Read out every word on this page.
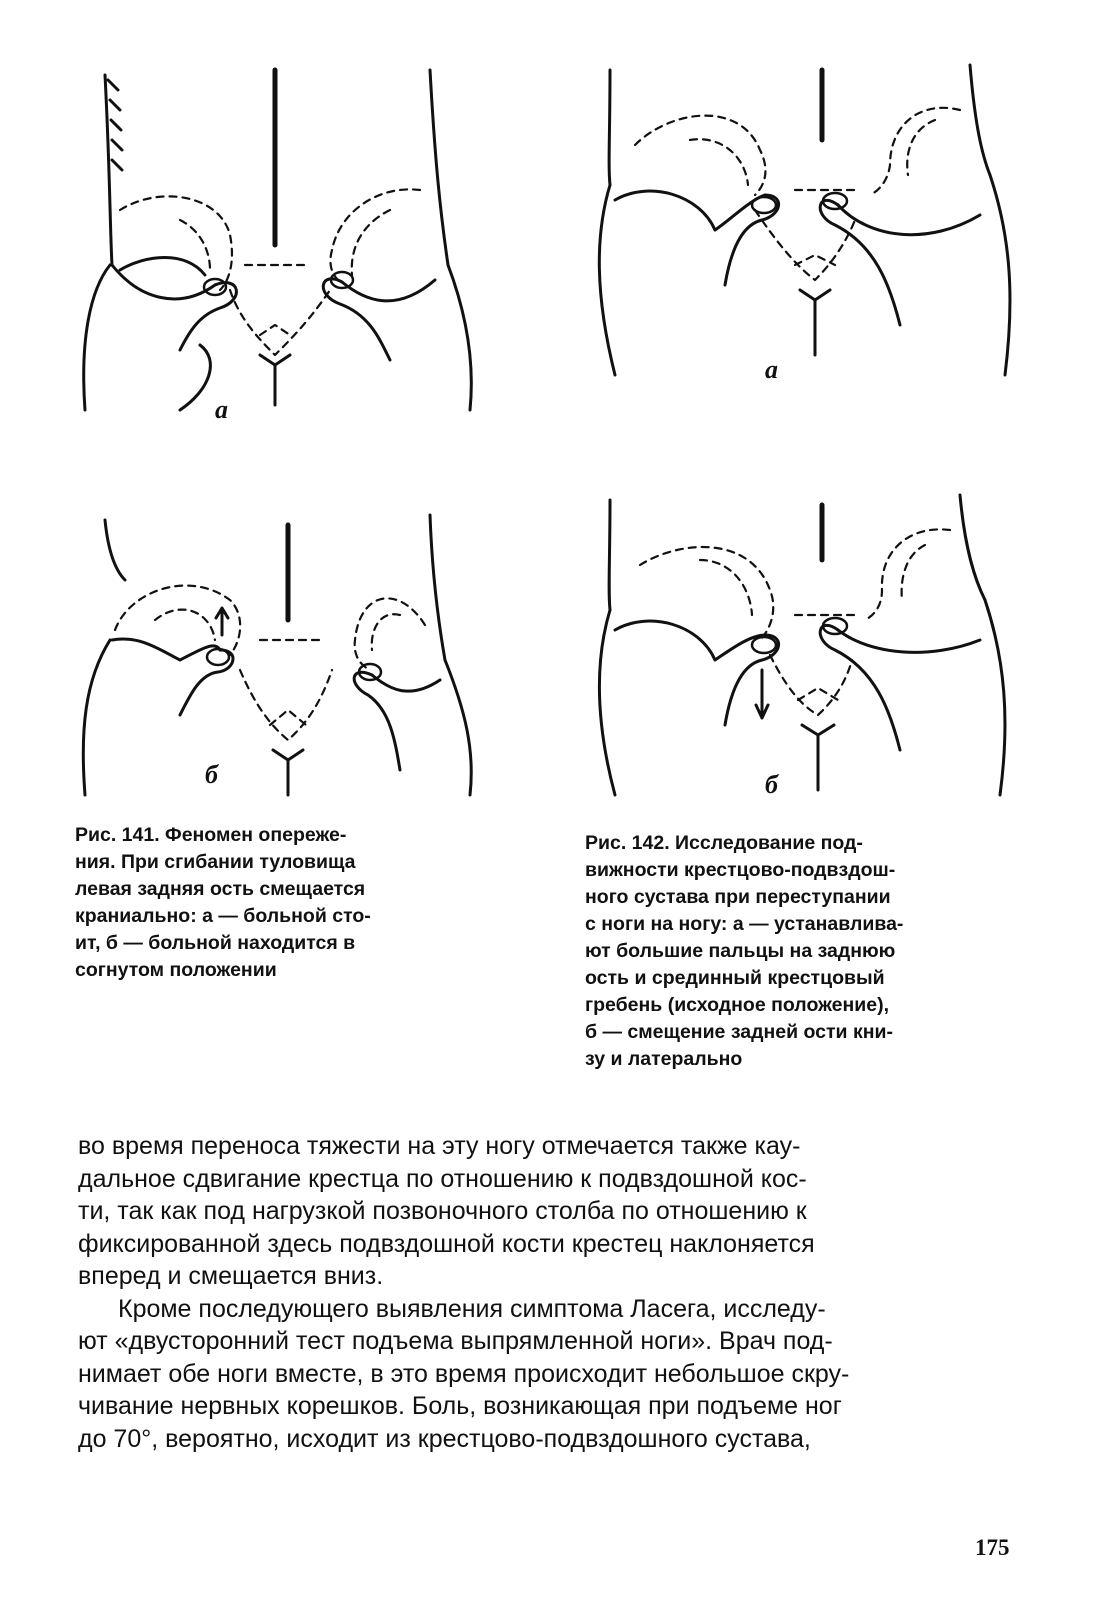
а
б
а
б
Рис. 141. Феномен опереже-
ния. При сгибании туловища
левая задняя ость смещается
краниально: а — больной сто-
ит, б — больной находится в
согнутом положении
Рис. 142. Исследование под-
вижности крестцово-подвздош-
ного сустава при переступании
с ноги на ногу: а — устанавлива-
ют большие пальцы на заднюю
ость и срединный крестцовый
гребень (исходное положение),
б — смещение задней ости кни-
зу и латерально
во время переноса тяжести на эту ногу отмечается также кау-
дальное сдвигание крестца по отношению к подвздошной кос-
ти, так как под нагрузкой позвоночного столба по отношению к
фиксированной здесь подвздошной кости крестец наклоняется
вперед и смещается вниз.
Кроме последующего выявления симптома Ласега, исследу-
ют «двусторонний тест подъема выпрямленной ноги». Врач под-
нимает обе ноги вместе, в это время происходит небольшое скру-
чивание нервных корешков. Боль, возникающая при подъеме ног
до 70°, вероятно, исходит из крестцово-подвздошного сустава,
175
